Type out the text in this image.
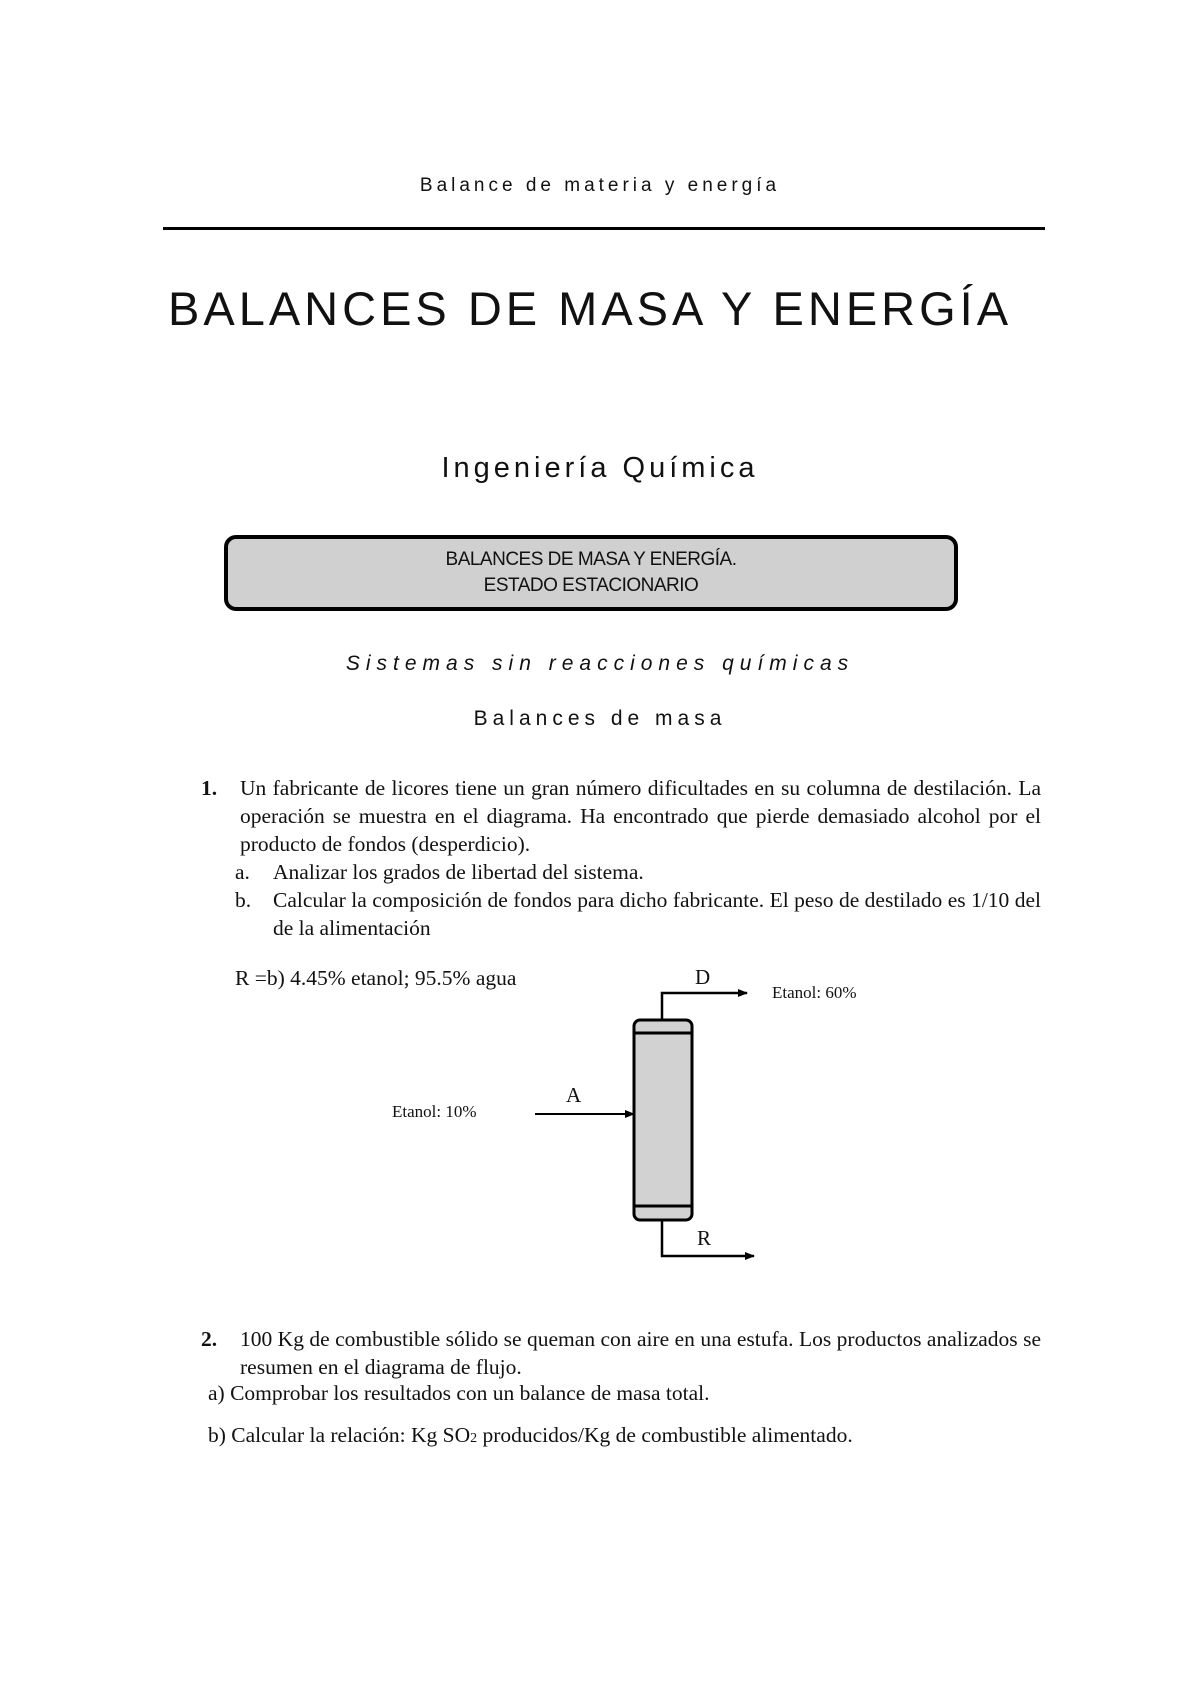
Balance de materia y energía
BALANCES DE MASA Y ENERGÍA
Ingeniería Química
BALANCES DE MASA Y ENERGÍA.
ESTADO ESTACIONARIO
Sistemas sin reacciones químicas
Balances de masa
1. Un fabricante de licores tiene un gran número dificultades en su columna de destilación. La operación se muestra en el diagrama. Ha encontrado que pierde demasiado alcohol por el producto de fondos (desperdicio).
a.	Analizar los grados de libertad del sistema.
b.	Calcular la composición de fondos para dicho fabricante. El peso de destilado es 1/10 del de la alimentación
R =b) 4.45% etanol; 95.5% agua	D
Etanol: 60%
A
Etanol: 10%
R
2. 100 Kg de combustible sólido se queman con aire en una estufa. Los productos analizados se resumen en el diagrama de flujo.
a) Comprobar los resultados con un balance de masa total.
b) Calcular la relación: Kg SO2 producidos/Kg de combustible alimentado.
